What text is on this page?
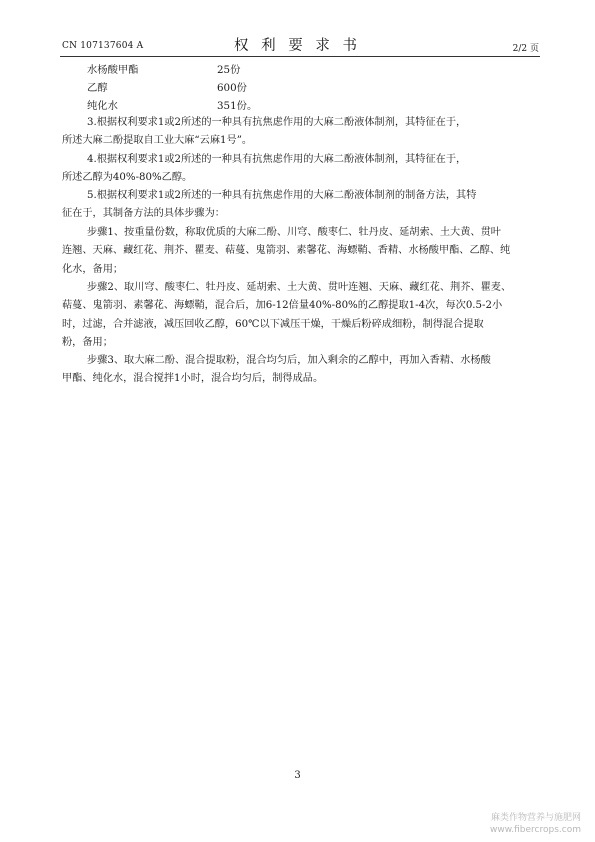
CN 107137604 A	权 利 要 求 书	2/2 页
水杨酸甲酯	25份
乙醇	600份
纯化水	351份。
3.根据权利要求1或2所述的一种具有抗焦虑作用的大麻二酚液体制剂，其特征在于，
所述大麻二酚提取自工业大麻“云麻1号”。
4.根据权利要求1或2所述的一种具有抗焦虑作用的大麻二酚液体制剂，其特征在于，
所述乙醇为40%-80%乙醇。
5.根据权利要求1或2所述的一种具有抗焦虑作用的大麻二酚液体制剂的制备方法，其特
征在于，其制备方法的具体步骤为：
步骤1、按重量份数，称取优质的大麻二酚、川穹、酸枣仁、牡丹皮、延胡索、土大黄、贯叶
连翘、天麻、藏红花、荆芥、瞿麦、萜蔓、鬼箭羽、素馨花、海螵鞘、香精、水杨酸甲酯、乙醇、纯
化水，备用；
步骤2、取川穹、酸枣仁、牡丹皮、延胡索、土大黄、贯叶连翘、天麻、藏红花、荆芥、瞿麦、
萜蔓、鬼箭羽、素馨花、海螵鞘，混合后，加6-12倍量40%-80%的乙醇提取1-4次，每次0.5-2小
时，过滤，合并滤液，减压回收乙醇，60℃以下减压干燥，干燥后粉碎成细粉，制得混合提取
粉，备用；
步骤3、取大麻二酚、混合提取粉，混合均匀后，加入剩余的乙醇中，再加入香精、水杨酸
甲酯、纯化水，混合搅拌1小时，混合均匀后，制得成品。
3
麻类作物营养与施肥网
www.fibercrops.com
